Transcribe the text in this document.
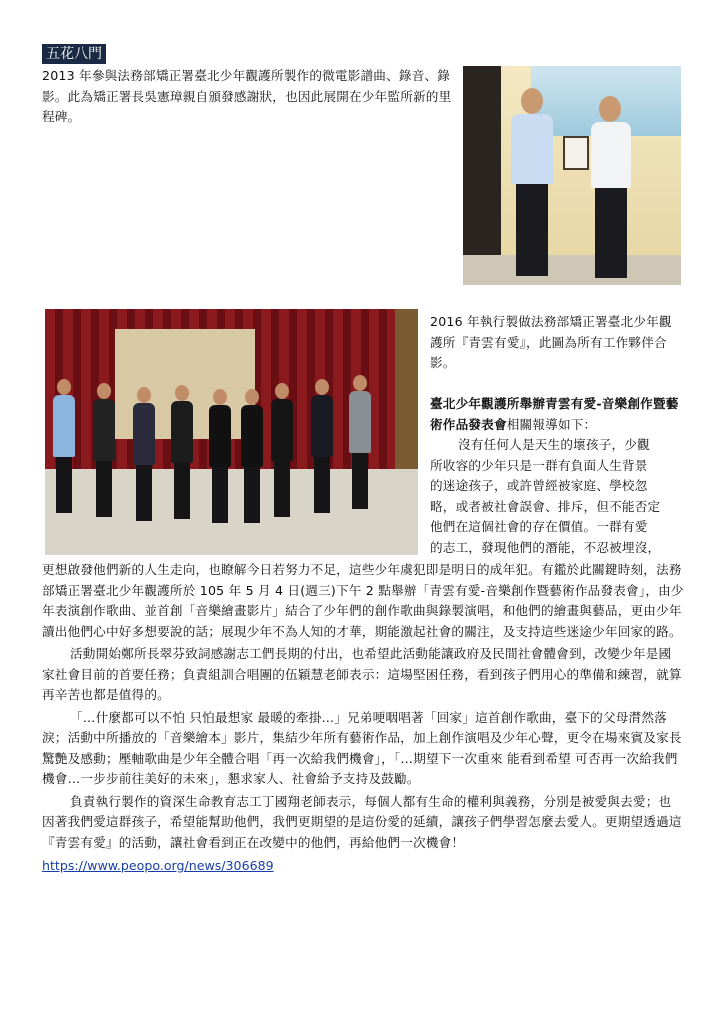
五花八門

2013 年參與法務部矯正署臺北少年觀護所製作的微電影譜曲、錄音、錄影。此為矯正署長吳憲璋親自頒發感謝狀，也因此展開在少年監所新的里程碑。

2016 年執行製做法務部矯正署臺北少年觀護所『青雲有愛』，此圖為所有工作夥伴合影。

臺北少年觀護所舉辦青雲有愛-音樂創作暨藝術作品發表會相關報導如下：

沒有任何人是天生的壞孩子，少觀

所收容的少年只是一群有負面人生背景

的迷途孩子，或許曾經被家庭、學校忽

略，或者被社會誤會、排斥，但不能否定

他們在這個社會的存在價值。一群有愛

的志工，發現他們的潛能，不忍被埋沒，

更想啟發他們新的人生走向，也瞭解今日若努力不足，這些少年虞犯即是明日的成年犯。有鑑於此關鍵時刻，法務部矯正署臺北少年觀護所於 105 年 5 月 4 日(週三)下午 2 點舉辦「青雲有愛-音樂創作暨藝術作品發表會」，由少年表演創作歌曲、並首創「音樂繪畫影片」結合了少年們的創作歌曲與錄製演唱，和他們的繪畫與藝品，更由少年讀出他們心中好多想要說的話；展現少年不為人知的才華，期能激起社會的關注，及支持這些迷途少年回家的路。

活動開始鄭所長翠芬致詞感謝志工們長期的付出，也希望此活動能讓政府及民間社會體會到，改變少年是國家社會目前的首要任務；負責組訓合唱團的伍穎慧老師表示：這場堅困任務，看到孩子們用心的準備和練習，就算再辛苦也都是值得的。

「…什麼都可以不怕 只怕最想家 最暖的牽掛…」兄弟哽咽唱著「回家」這首創作歌曲，臺下的父母潸然落淚；活動中所播放的「音樂繪本」影片，集結少年所有藝術作品，加上創作演唱及少年心聲，更令在場來賓及家長驚艷及感動；壓軸歌曲是少年全體合唱「再一次給我們機會」，「…期望下一次重來 能看到希望 可否再一次給我們機會…一步步前往美好的未來」，懇求家人、社會給予支持及鼓勵。

負責執行製作的資深生命教育志工丁國翔老師表示，每個人都有生命的權利與義務，分別是被愛與去愛；也因著我們愛這群孩子，希望能幫助他們，我們更期望的是這份愛的延續，讓孩子們學習怎麼去愛人。更期望透過這『青雲有愛』的活動，讓社會看到正在改變中的他們，再給他們一次機會！

https://www.peopo.org/news/306689
